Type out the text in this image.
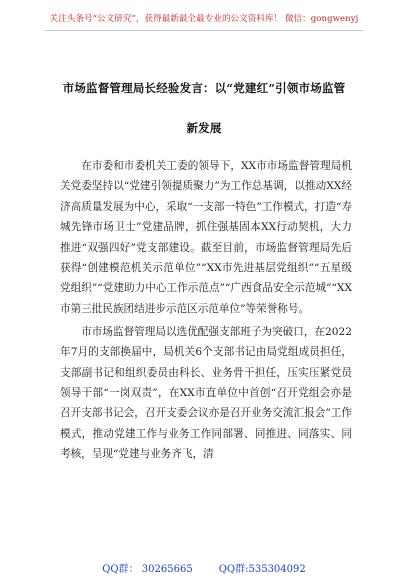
关注头条号“公文研究”，获得最新最全最专业的公文资料库！ 微信：gongwenyj
市场监督管理局长经验发言：以“党建红”引领市场监管
新发展

在市委和市委机关工委的领导下，XX市市场监督管理局机关党委坚持以“党建引领提质聚力”为工作总基调，以推动XX经济高质量发展为中心，采取“一支部一特色”工作模式，打造“寿城先锋市场卫士”党建品牌，抓住强基固本XX行动契机，大力推进“双强四好”党支部建设。截至目前，市场监督管理局先后获得“创建模范机关示范单位”“XX市先进基层党组织”“五星级党组织”“党建助力中心工作示范点”“广西食品安全示范城”“XX市第三批民族团结进步示范区示范单位”等荣誉称号。

市市场监督管理局以选优配强支部班子为突破口，在2022年7月的支部换届中，局机关6个支部书记由局党组成员担任，支部副书记和组织委员由科长、业务骨干担任，压实压紧党员领导干部“一岗双责”，在XX市直单位中首创“召开党组会亦是召开支部书记会，召开支委会议亦是召开业务交流汇报会”工作模式，推动党建工作与业务工作同部署、同推进、同落实、同考核，呈现“党建与业务齐飞，清

QQ群： 30265665	QQ群:535304092
